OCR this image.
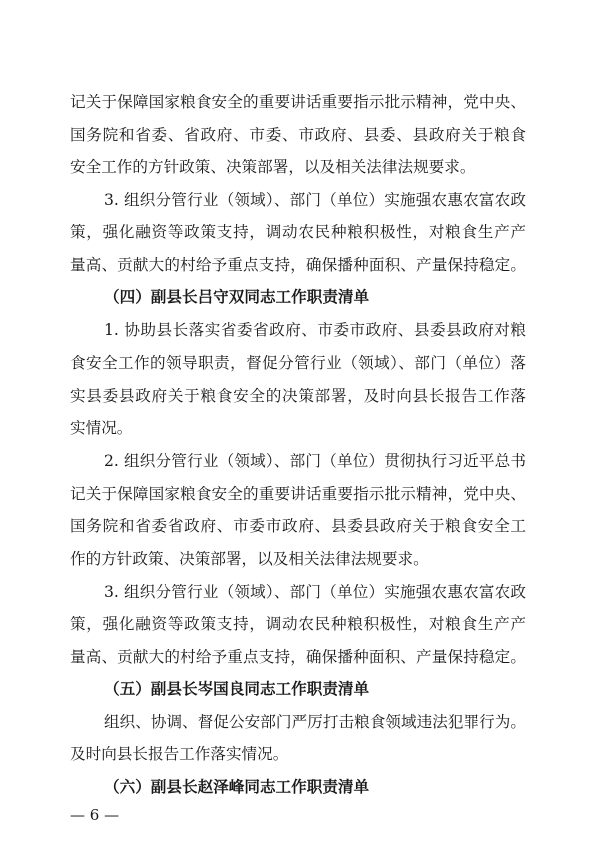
记关于保障国家粮食安全的重要讲话重要指示批示精神，党中央、
国务院和省委、省政府、市委、市政府、县委、县政府关于粮食
安全工作的方针政策、决策部署，以及相关法律法规要求。
3. 组织分管行业（领域）、部门（单位）实施强农惠农富农政
策，强化融资等政策支持，调动农民种粮积极性，对粮食生产产
量高、贡献大的村给予重点支持，确保播种面积、产量保持稳定。
（四）副县长吕守双同志工作职责清单
1. 协助县长落实省委省政府、市委市政府、县委县政府对粮
食安全工作的领导职责，督促分管行业（领域）、部门（单位）落
实县委县政府关于粮食安全的决策部署，及时向县长报告工作落
实情况。
2. 组织分管行业（领域）、部门（单位）贯彻执行习近平总书
记关于保障国家粮食安全的重要讲话重要指示批示精神，党中央、
国务院和省委省政府、市委市政府、县委县政府关于粮食安全工
作的方针政策、决策部署，以及相关法律法规要求。
3. 组织分管行业（领域）、部门（单位）实施强农惠农富农政
策，强化融资等政策支持，调动农民种粮积极性，对粮食生产产
量高、贡献大的村给予重点支持，确保播种面积、产量保持稳定。
（五）副县长岑国良同志工作职责清单
组织、协调、督促公安部门严厉打击粮食领域违法犯罪行为。
及时向县长报告工作落实情况。
（六）副县长赵泽峰同志工作职责清单
— 6 —
